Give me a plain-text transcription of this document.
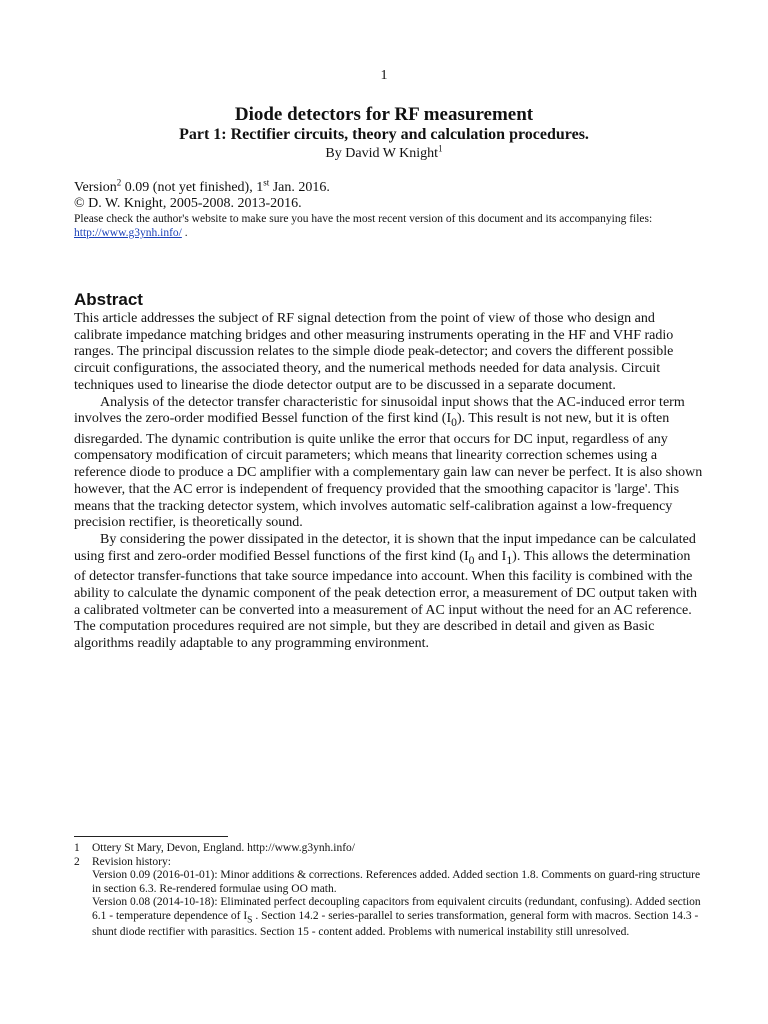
1
Diode detectors for RF measurement
Part 1: Rectifier circuits, theory and calculation procedures.
By David W Knight$^1$
Version$^2$ 0.09 (not yet finished), 1st Jan. 2016.
© D. W. Knight, 2005-2008. 2013-2016.
Please check the author's website to make sure you have the most recent version of this document and its accompanying files: http://www.g3ynh.info/ .
Abstract

This article addresses the subject of RF signal detection from the point of view of those who design and calibrate impedance matching bridges and other measuring instruments operating in the HF and VHF radio ranges. The principal discussion relates to the simple diode peak-detector; and covers the different possible circuit configurations, the associated theory, and the numerical methods needed for data analysis. Circuit techniques used to linearise the diode detector output are to be discussed in a separate document.

Analysis of the detector transfer characteristic for sinusoidal input shows that the AC-induced error term involves the zero-order modified Bessel function of the first kind $(I_0)$. This result is not new, but it is often disregarded. The dynamic contribution is quite unlike the error that occurs for DC input, regardless of any compensatory modification of circuit parameters; which means that linearity correction schemes using a reference diode to produce a DC amplifier with a complementary gain law can never be perfect. It is also shown however, that the AC error is independent of frequency provided that the smoothing capacitor is 'large'. This means that the tracking detector system, which involves automatic self-calibration against a low-frequency precision rectifier, is theoretically sound.

By considering the power dissipated in the detector, it is shown that the input impedance can be calculated using first and zero-order modified Bessel functions of the first kind ($I_0$ and $I_1$). This allows the determination of detector transfer-functions that take source impedance into account. When this facility is combined with the ability to calculate the dynamic component of the peak detection error, a measurement of DC output taken with a calibrated voltmeter can be converted into a measurement of AC input without the need for an AC reference. The computation procedures required are not simple, but they are described in detail and given as Basic algorithms readily adaptable to any programming environment.

1	Ottery St Mary, Devon, England. http://www.g3ynh.info/
2	Revision history:
Version 0.09 (2016-01-01): Minor additions & corrections. References added. Added section 1.8. Comments on guard-ring structure in section 6.3. Re-rendered formulae using OO math.
Version 0.08 (2014-10-18): Eliminated perfect decoupling capacitors from equivalent circuits (redundant, confusing). Added section 6.1 - temperature dependence of $I_S$ . Section 14.2 - series-parallel to series transformation, general form with macros. Section 14.3 - shunt diode rectifier with parasitics. Section 15 - content added. Problems with numerical instability still unresolved.
